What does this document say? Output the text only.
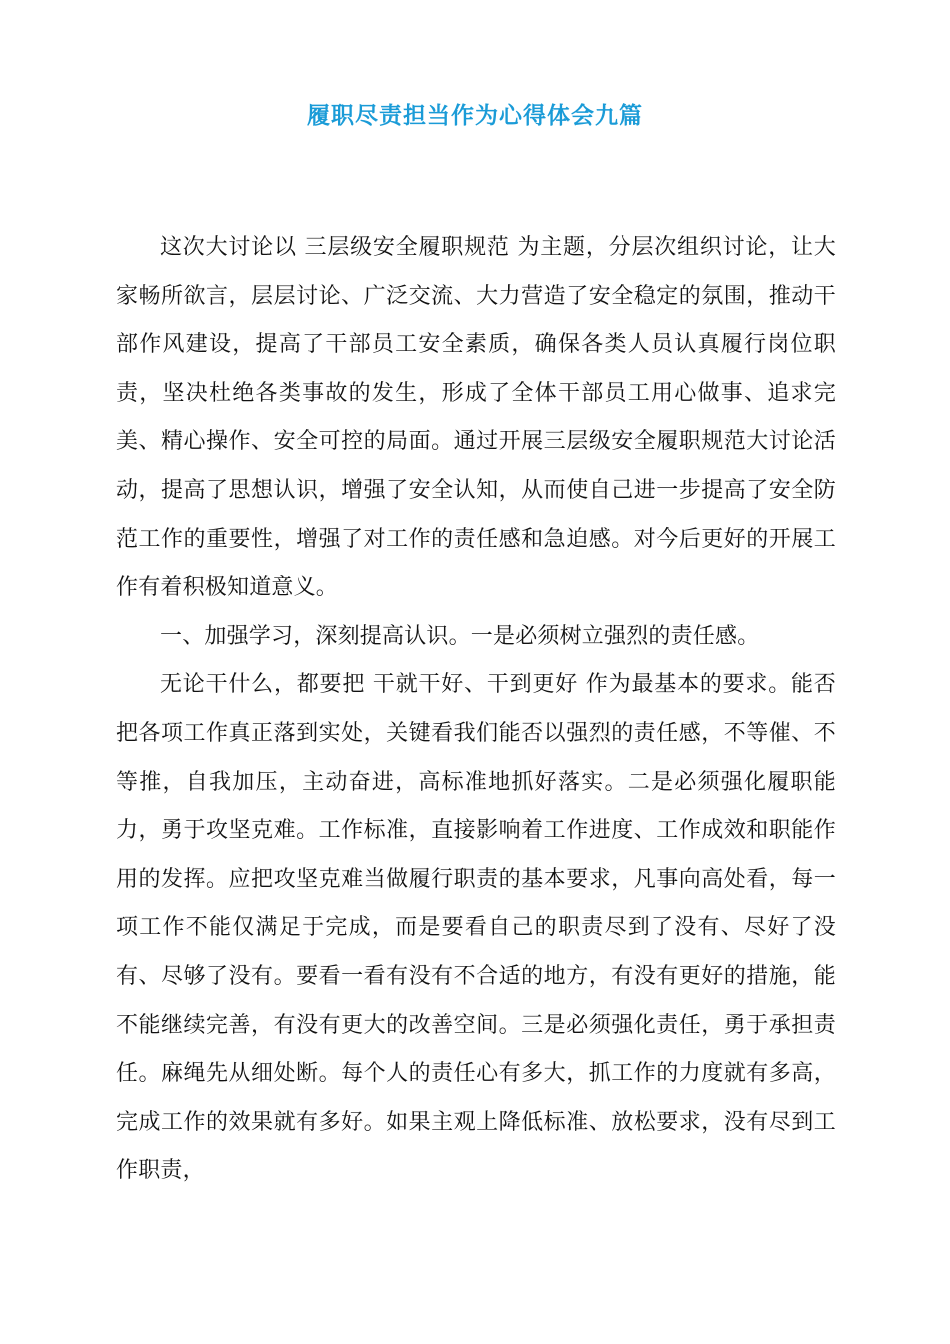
履职尽责担当作为心得体会九篇

这次大讨论以 三层级安全履职规范 为主题，分层次组织讨论，让大家畅所欲言，层层讨论、广泛交流、大力营造了安全稳定的氛围，推动干部作风建设，提高了干部员工安全素质，确保各类人员认真履行岗位职责，坚决杜绝各类事故的发生，形成了全体干部员工用心做事、追求完美、精心操作、安全可控的局面。通过开展三层级安全履职规范大讨论活动，提高了思想认识，增强了安全认知，从而使自己进一步提高了安全防范工作的重要性，增强了对工作的责任感和急迫感。对今后更好的开展工作有着积极知道意义。

一、加强学习，深刻提高认识。一是必须树立强烈的责任感。

无论干什么，都要把 干就干好、干到更好 作为最基本的要求。能否把各项工作真正落到实处，关键看我们能否以强烈的责任感，不等催、不等推，自我加压，主动奋进，高标准地抓好落实。二是必须强化履职能力，勇于攻坚克难。工作标准，直接影响着工作进度、工作成效和职能作用的发挥。应把攻坚克难当做履行职责的基本要求，凡事向高处看，每一项工作不能仅满足于完成，而是要看自己的职责尽到了没有、尽好了没有、尽够了没有。要看一看有没有不合适的地方，有没有更好的措施，能不能继续完善，有没有更大的改善空间。三是必须强化责任，勇于承担责任。麻绳先从细处断。每个人的责任心有多大，抓工作的力度就有多高，完成工作的效果就有多好。如果主观上降低标准、放松要求，没有尽到工作职责，
